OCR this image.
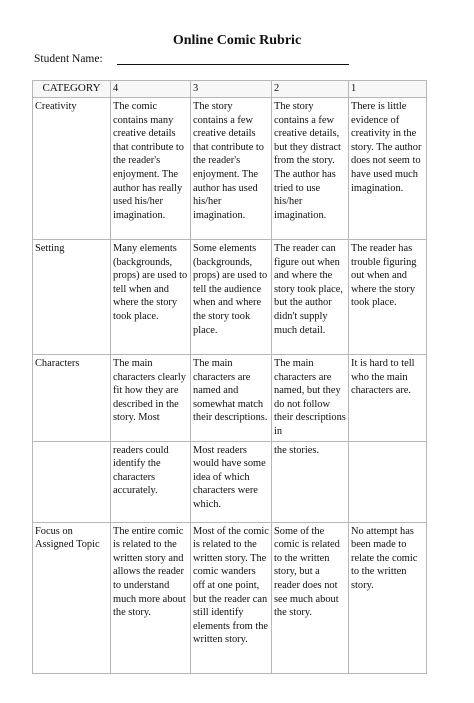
Online Comic Rubric
Student Name:
CATEGORY	4	3	2	1
Creativity	The comic contains many creative details that contribute to the reader's enjoyment. The author has really used his/her imagination.	The story contains a few creative details that contribute to the reader's enjoyment. The author has used his/her imagination.	The story contains a few creative details, but they distract from the story. The author has tried to use his/her imagination.	There is little evidence of creativity in the story. The author does not seem to have used much imagination.
Setting	Many elements (backgrounds, props) are used to tell when and where the story took place.	Some elements (backgrounds, props) are used to tell the audience when and where the story took place.	The reader can figure out when and where the story took place, but the author didn't supply much detail.	The reader has trouble figuring out when and where the story took place.
Characters	The main characters clearly fit how they are described in the story. Most	The main characters are named and somewhat match their descriptions.	The main characters are named, but they do not follow their descriptions in	It is hard to tell who the main characters are.
	readers could identify the characters accurately.	Most readers would have some idea of which characters were which.	the stories.	
Focus on Assigned Topic	The entire comic is related to the written story and allows the reader to understand much more about the story.	Most of the comic is related to the written story. The comic wanders off at one point, but the reader can still identify elements from the written story.	Some of the comic is related to the written story, but a reader does not see much about the story.	No attempt has been made to relate the comic to the written story.
